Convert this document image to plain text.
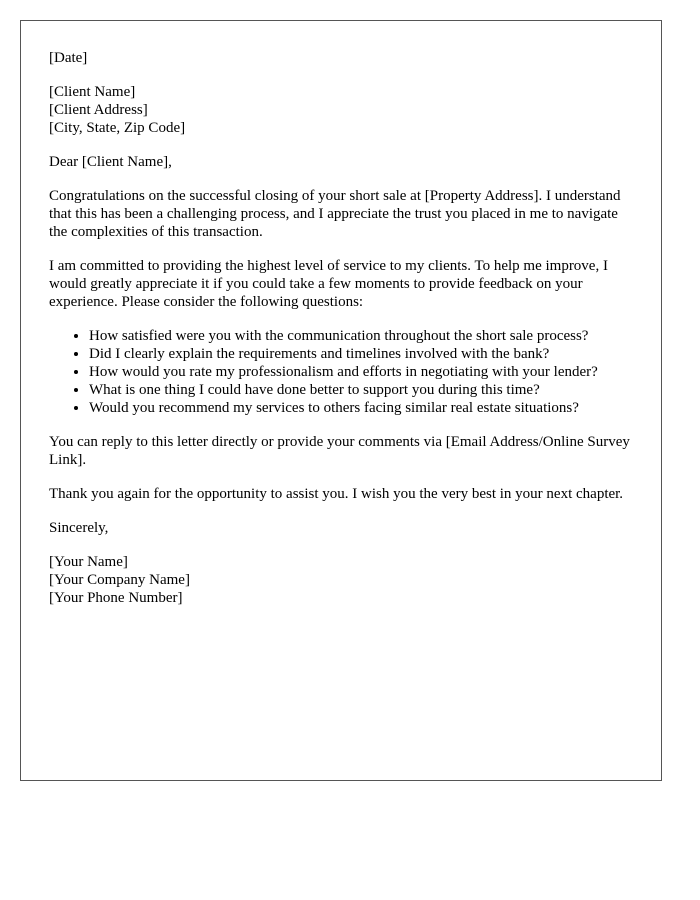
[Date]

[Client Name]
[Client Address]
[City, State, Zip Code]

Dear [Client Name],

Congratulations on the successful closing of your short sale at [Property Address]. I understand that this has been a challenging process, and I appreciate the trust you placed in me to navigate the complexities of this transaction.

I am committed to providing the highest level of service to my clients. To help me improve, I would greatly appreciate it if you could take a few moments to provide feedback on your experience. Please consider the following questions:

• How satisfied were you with the communication throughout the short sale process?
• Did I clearly explain the requirements and timelines involved with the bank?
• How would you rate my professionalism and efforts in negotiating with your lender?
• What is one thing I could have done better to support you during this time?
• Would you recommend my services to others facing similar real estate situations?

You can reply to this letter directly or provide your comments via [Email Address/Online Survey Link].

Thank you again for the opportunity to assist you. I wish you the very best in your next chapter.

Sincerely,

[Your Name]
[Your Company Name]
[Your Phone Number]
